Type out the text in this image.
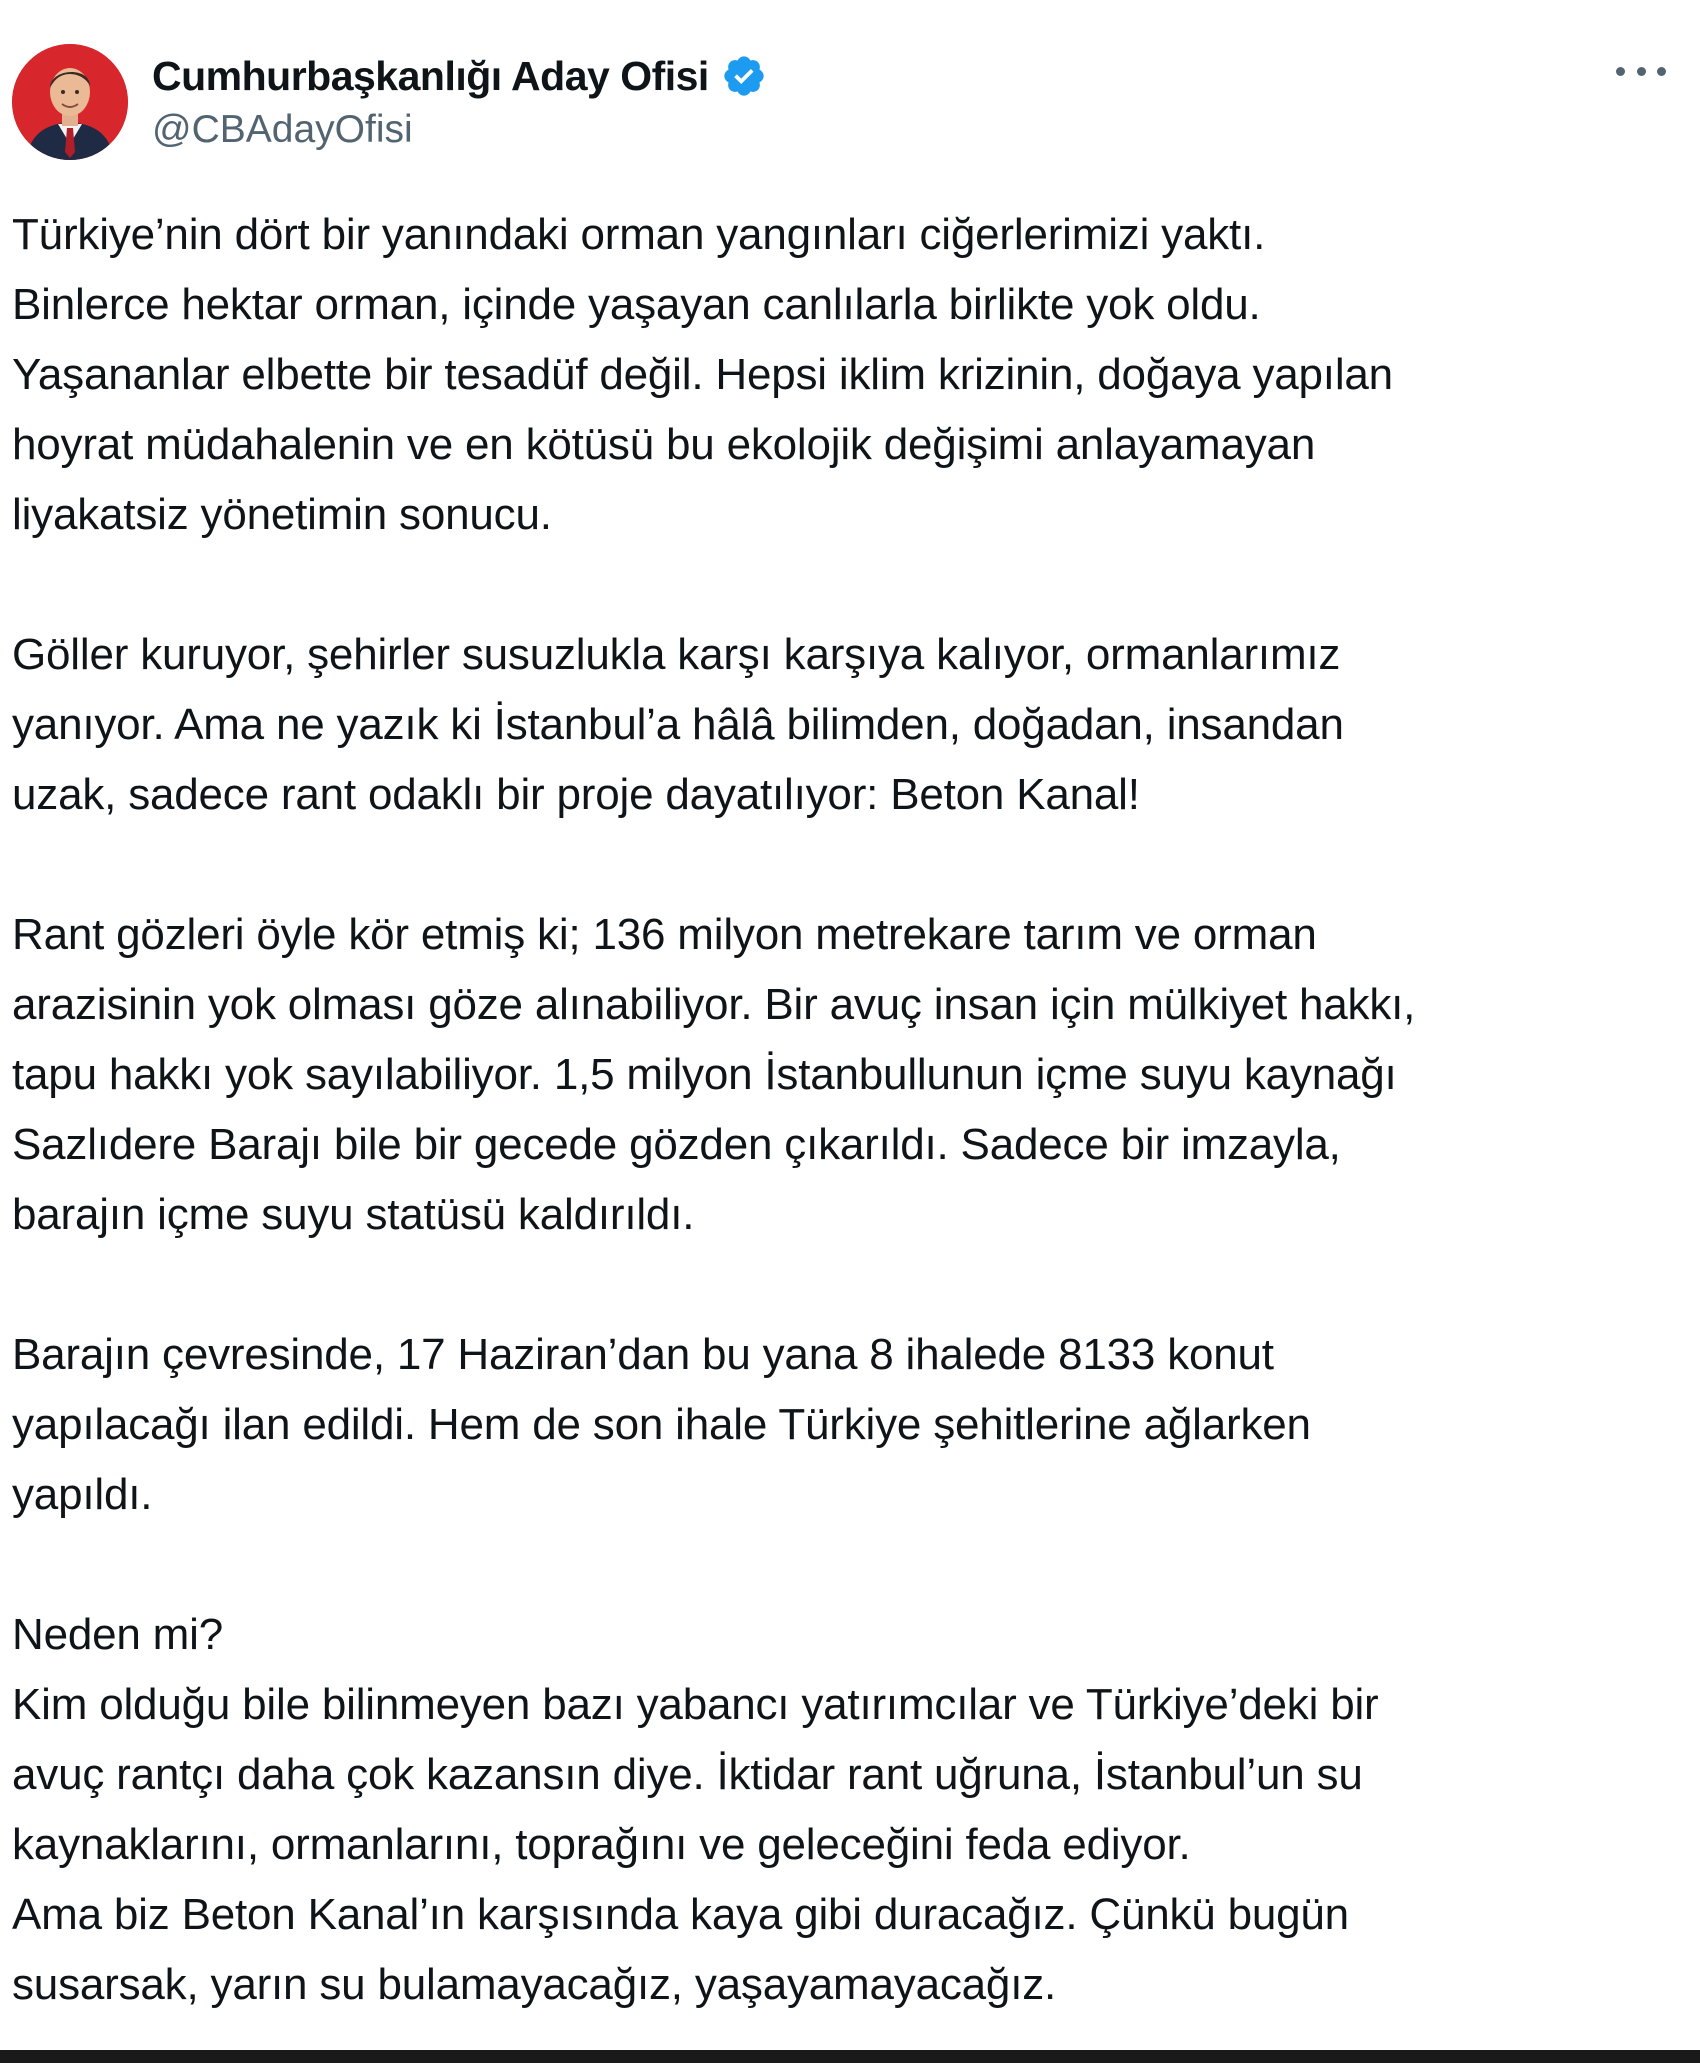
Cumhurbaşkanlığı Aday Ofisi
@CBAdayOfisi
Türkiye’nin dört bir yanındaki orman yangınları ciğerlerimizi yaktı.
Binlerce hektar orman, içinde yaşayan canlılarla birlikte yok oldu.
Yaşananlar elbette bir tesadüf değil. Hepsi iklim krizinin, doğaya yapılan
hoyrat müdahalenin ve en kötüsü bu ekolojik değişimi anlayamayan
liyakatsiz yönetimin sonucu.
Göller kuruyor, şehirler susuzlukla karşı karşıya kalıyor, ormanlarımız
yanıyor. Ama ne yazık ki İstanbul’a hâlâ bilimden, doğadan, insandan
uzak, sadece rant odaklı bir proje dayatılıyor: Beton Kanal!
Rant gözleri öyle kör etmiş ki; 136 milyon metrekare tarım ve orman
arazisinin yok olması göze alınabiliyor. Bir avuç insan için mülkiyet hakkı,
tapu hakkı yok sayılabiliyor. 1,5 milyon İstanbullunun içme suyu kaynağı
Sazlıdere Barajı bile bir gecede gözden çıkarıldı. Sadece bir imzayla,
barajın içme suyu statüsü kaldırıldı.
Barajın çevresinde, 17 Haziran’dan bu yana 8 ihalede 8133 konut
yapılacağı ilan edildi. Hem de son ihale Türkiye şehitlerine ağlarken
yapıldı.
Neden mi?
Kim olduğu bile bilinmeyen bazı yabancı yatırımcılar ve Türkiye’deki bir
avuç rantçı daha çok kazansın diye. İktidar rant uğruna, İstanbul’un su
kaynaklarını, ormanlarını, toprağını ve geleceğini feda ediyor.
Ama biz Beton Kanal’ın karşısında kaya gibi duracağız. Çünkü bugün
susarsak, yarın su bulamayacağız, yaşayamayacağız.
